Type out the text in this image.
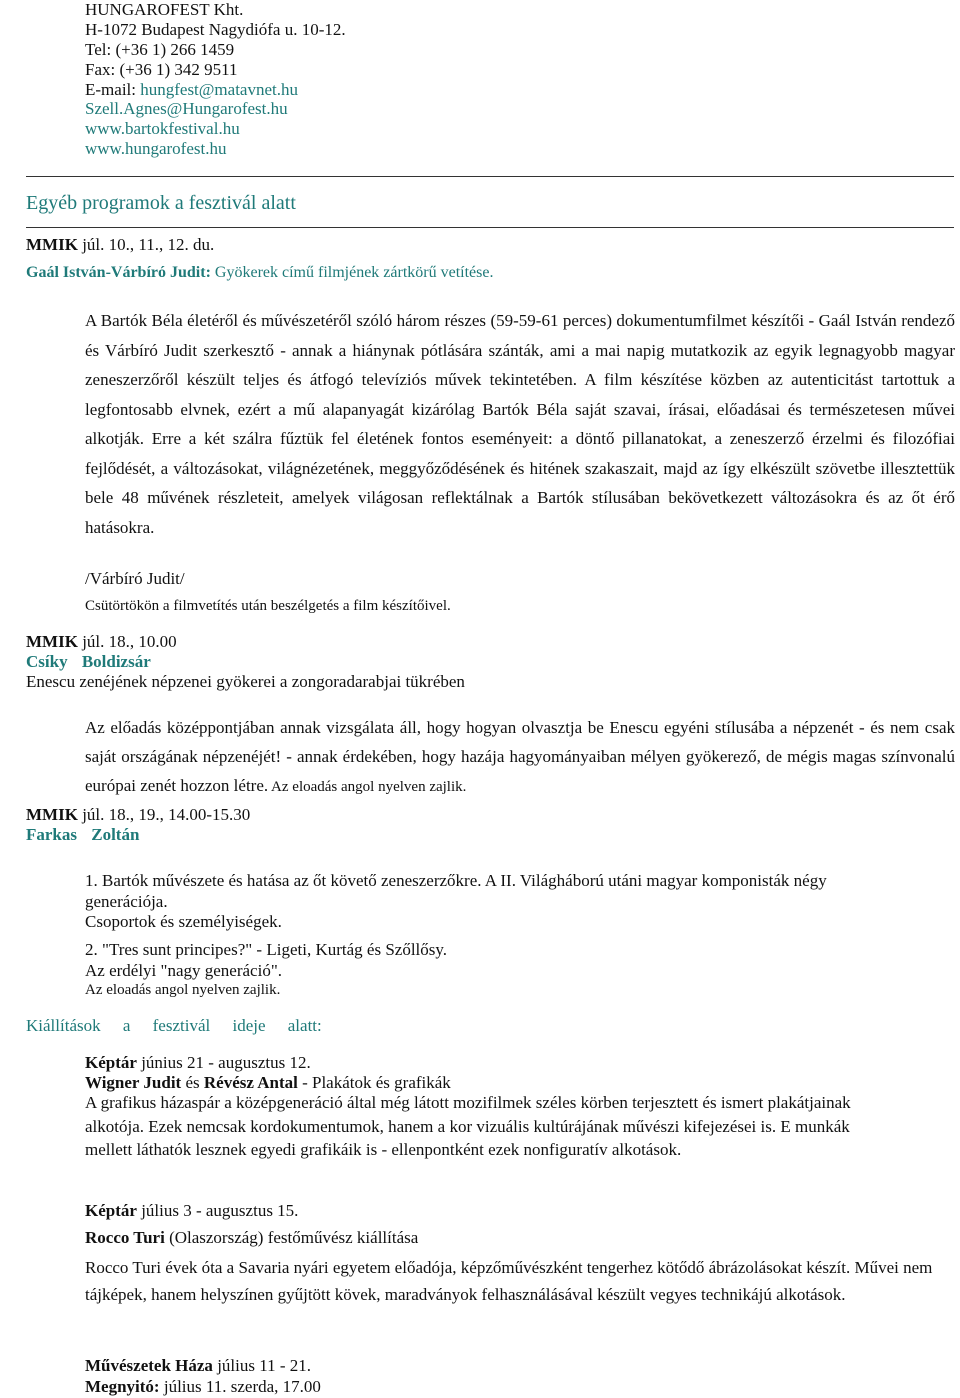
HUNGAROFEST Kht.
H-1072 Budapest Nagydiófa u. 10-12.
Tel: (+36 1) 266 1459
Fax: (+36 1) 342 9511
E-mail: hungfest@matavnet.hu
Szell.Agnes@Hungarofest.hu
www.bartokfestival.hu
www.hungarofest.hu
Egyéb programok a fesztivál alatt
MMIK júl. 10., 11., 12. du.
Gaál István-Várbíró Judit: Gyökerek című filmjének zártkörű vetítése.
A Bartók Béla életéről és művészetéről szóló három részes (59-59-61 perces) dokumentumfilmet készítői - Gaál István rendező és Várbíró Judit szerkesztő - annak a hiánynak pótlására szánták, ami a mai napig mutatkozik az egyik legnagyobb magyar zeneszerzőről készült teljes és átfogó televíziós művek tekintetében. A film készítése közben az autenticitást tartottuk a legfontosabb elvnek, ezért a mű alapanyagát kizárólag Bartók Béla saját szavai, írásai, előadásai és természetesen művei alkotják. Erre a két szálra fűztük fel életének fontos eseményeit: a döntő pillanatokat, a zeneszerző érzelmi és filozófiai fejlődését, a változásokat, világnézetének, meggyőződésének és hitének szakaszait, majd az így elkészült szövetbe illesztettük bele 48 művének részleteit, amelyek világosan reflektálnak a Bartók stílusában bekövetkezett változásokra és az őt érő hatásokra.
/Várbíró Judit/
Csütörtökön a filmvetítés után beszélgetés a film készítőivel.
MMIK júl. 18., 10.00
Csíky Boldizsár
Enescu zenéjének népzenei gyökerei a zongoradarabjai tükrében
Az előadás középpontjában annak vizsgálata áll, hogy hogyan olvasztja be Enescu egyéni stílusába a népzenét - és nem csak saját országának népzenéjét! - annak érdekében, hogy hazája hagyományaiban mélyen gyökerező, de mégis magas színvonalú európai zenét hozzon létre. Az eloadás angol nyelven zajlik.
MMIK júl. 18., 19., 14.00-15.30
Farkas Zoltán
1. Bartók művészete és hatása az őt követő zeneszerzőkre. A II. Világháború utáni magyar komponisták négy
generációja.
Csoportok és személyiségek.
2. "Tres sunt principes?" - Ligeti, Kurtág és Szőllősy.
Az erdélyi "nagy generáció".
Az eloadás angol nyelven zajlik.
Kiállítások a fesztivál ideje alatt:
Képtár június 21 - augusztus 12.
Wigner Judit és Révész Antal - Plakátok és grafikák
A grafikus házaspár a középgeneráció által még látott mozifilmek széles körben terjesztett és ismert plakátjainak alkotója. Ezek nemcsak kordokumentumok, hanem a kor vizuális kultúrájának művészi kifejezései is. E munkák mellett láthatók lesznek egyedi grafikáik is - ellenpontként ezek nonfiguratív alkotások.
Képtár július 3 - augusztus 15.
Rocco Turi (Olaszország) festőművész kiállítása
Rocco Turi évek óta a Savaria nyári egyetem előadója, képzőművészként tengerhez kötődő ábrázolásokat készít. Művei nem tájképek, hanem helyszínen gyűjtött kövek, maradványok felhasználásával készült vegyes technikájú alkotások.
Művészetek Háza július 11 - 21.
Megnyitó: július 11. szerda, 17.00
